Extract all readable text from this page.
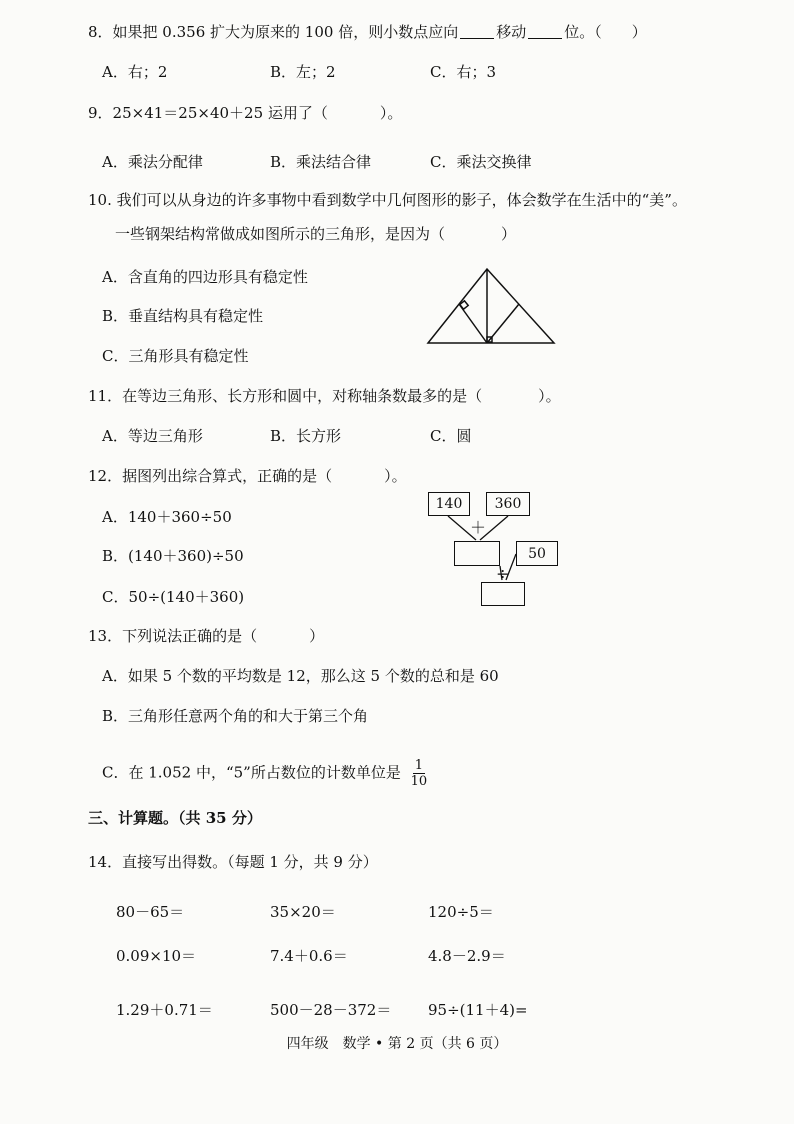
8．如果把 0.356 扩大为原来的 100 倍，则小数点应向	移动	位。（ ）
A．右；2	B．左；2	C．右；3
9．25×41＝25×40＋25 运用了（	）。
A．乘法分配律	B．乘法结合律	C．乘法交换律
10. 我们可以从身边的许多事物中看到数学中几何图形的影子，体会数学在生活中的“美”。
一些钢架结构常做成如图所示的三角形，是因为（	）
A．含直角的四边形具有稳定性
B．垂直结构具有稳定性
C．三角形具有稳定性
11．在等边三角形、长方形和圆中，对称轴条数最多的是（	）。
A．等边三角形	B．长方形	C．圆
12．据图列出综合算式，正确的是（	）。
A．140＋360÷50
B．(140＋360)÷50
C．50÷(140＋360)
140	360
＋
50
÷
13．下列说法正确的是（	）
A．如果 5 个数的平均数是 12，那么这 5 个数的总和是 60
B．三角形任意两个角的和大于第三个角
C．在 1.052 中，“5”所占数位的计数单位是 $\frac{1}{10}$
三、计算题。（共 35 分）
14．直接写出得数。（每题 1 分，共 9 分）
80－65＝	35×20＝	120÷5＝
0.09×10＝	7.4＋0.6＝	4.8－2.9＝
1.29＋0.71＝	500－28－372＝ 95÷(11＋4)=
四年级　数学 • 第 2 页（共 6 页）
